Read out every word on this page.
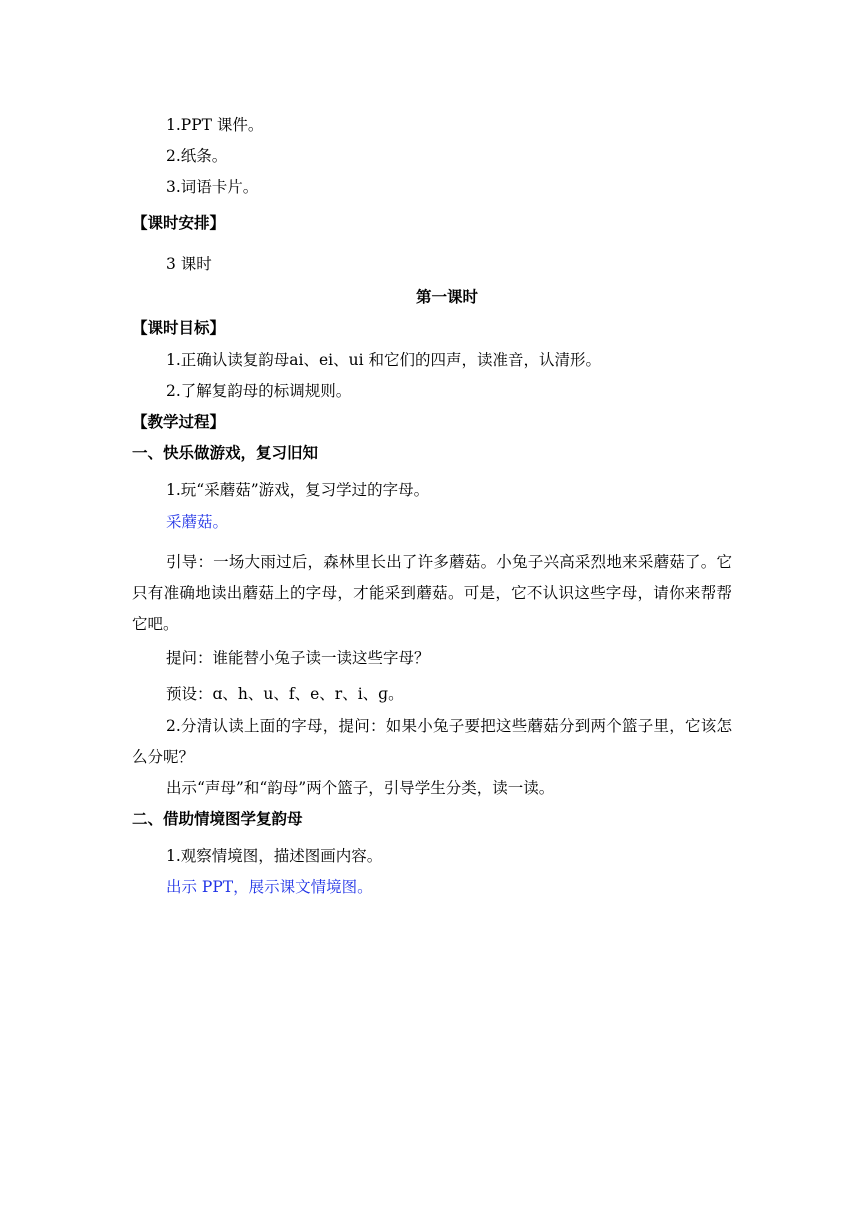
1.PPT 课件。
2.纸条。
3.词语卡片。
【课时安排】
3 课时
第一课时
【课时目标】
1.正确认读复韵母ai、ei、ui 和它们的四声，读准音，认清形。
2.了解复韵母的标调规则。
【教学过程】
一、快乐做游戏，复习旧知
1.玩“采蘑菇”游戏，复习学过的字母。
采蘑菇。
引导：一场大雨过后，森林里长出了许多蘑菇。小兔子兴高采烈地来采蘑菇了。它只有准确地读出蘑菇上的字母，才能采到蘑菇。可是，它不认识这些字母，请你来帮帮它吧。
提问：谁能替小兔子读一读这些字母？
预设：ɑ、h、u、f、e、r、i、ɡ。
2.分清认读上面的字母，提问：如果小兔子要把这些蘑菇分到两个篮子里，它该怎么分呢？
出示“声母”和“韵母”两个篮子，引导学生分类，读一读。
二、借助情境图学复韵母
1.观察情境图，描述图画内容。
出示 PPT，展示课文情境图。
